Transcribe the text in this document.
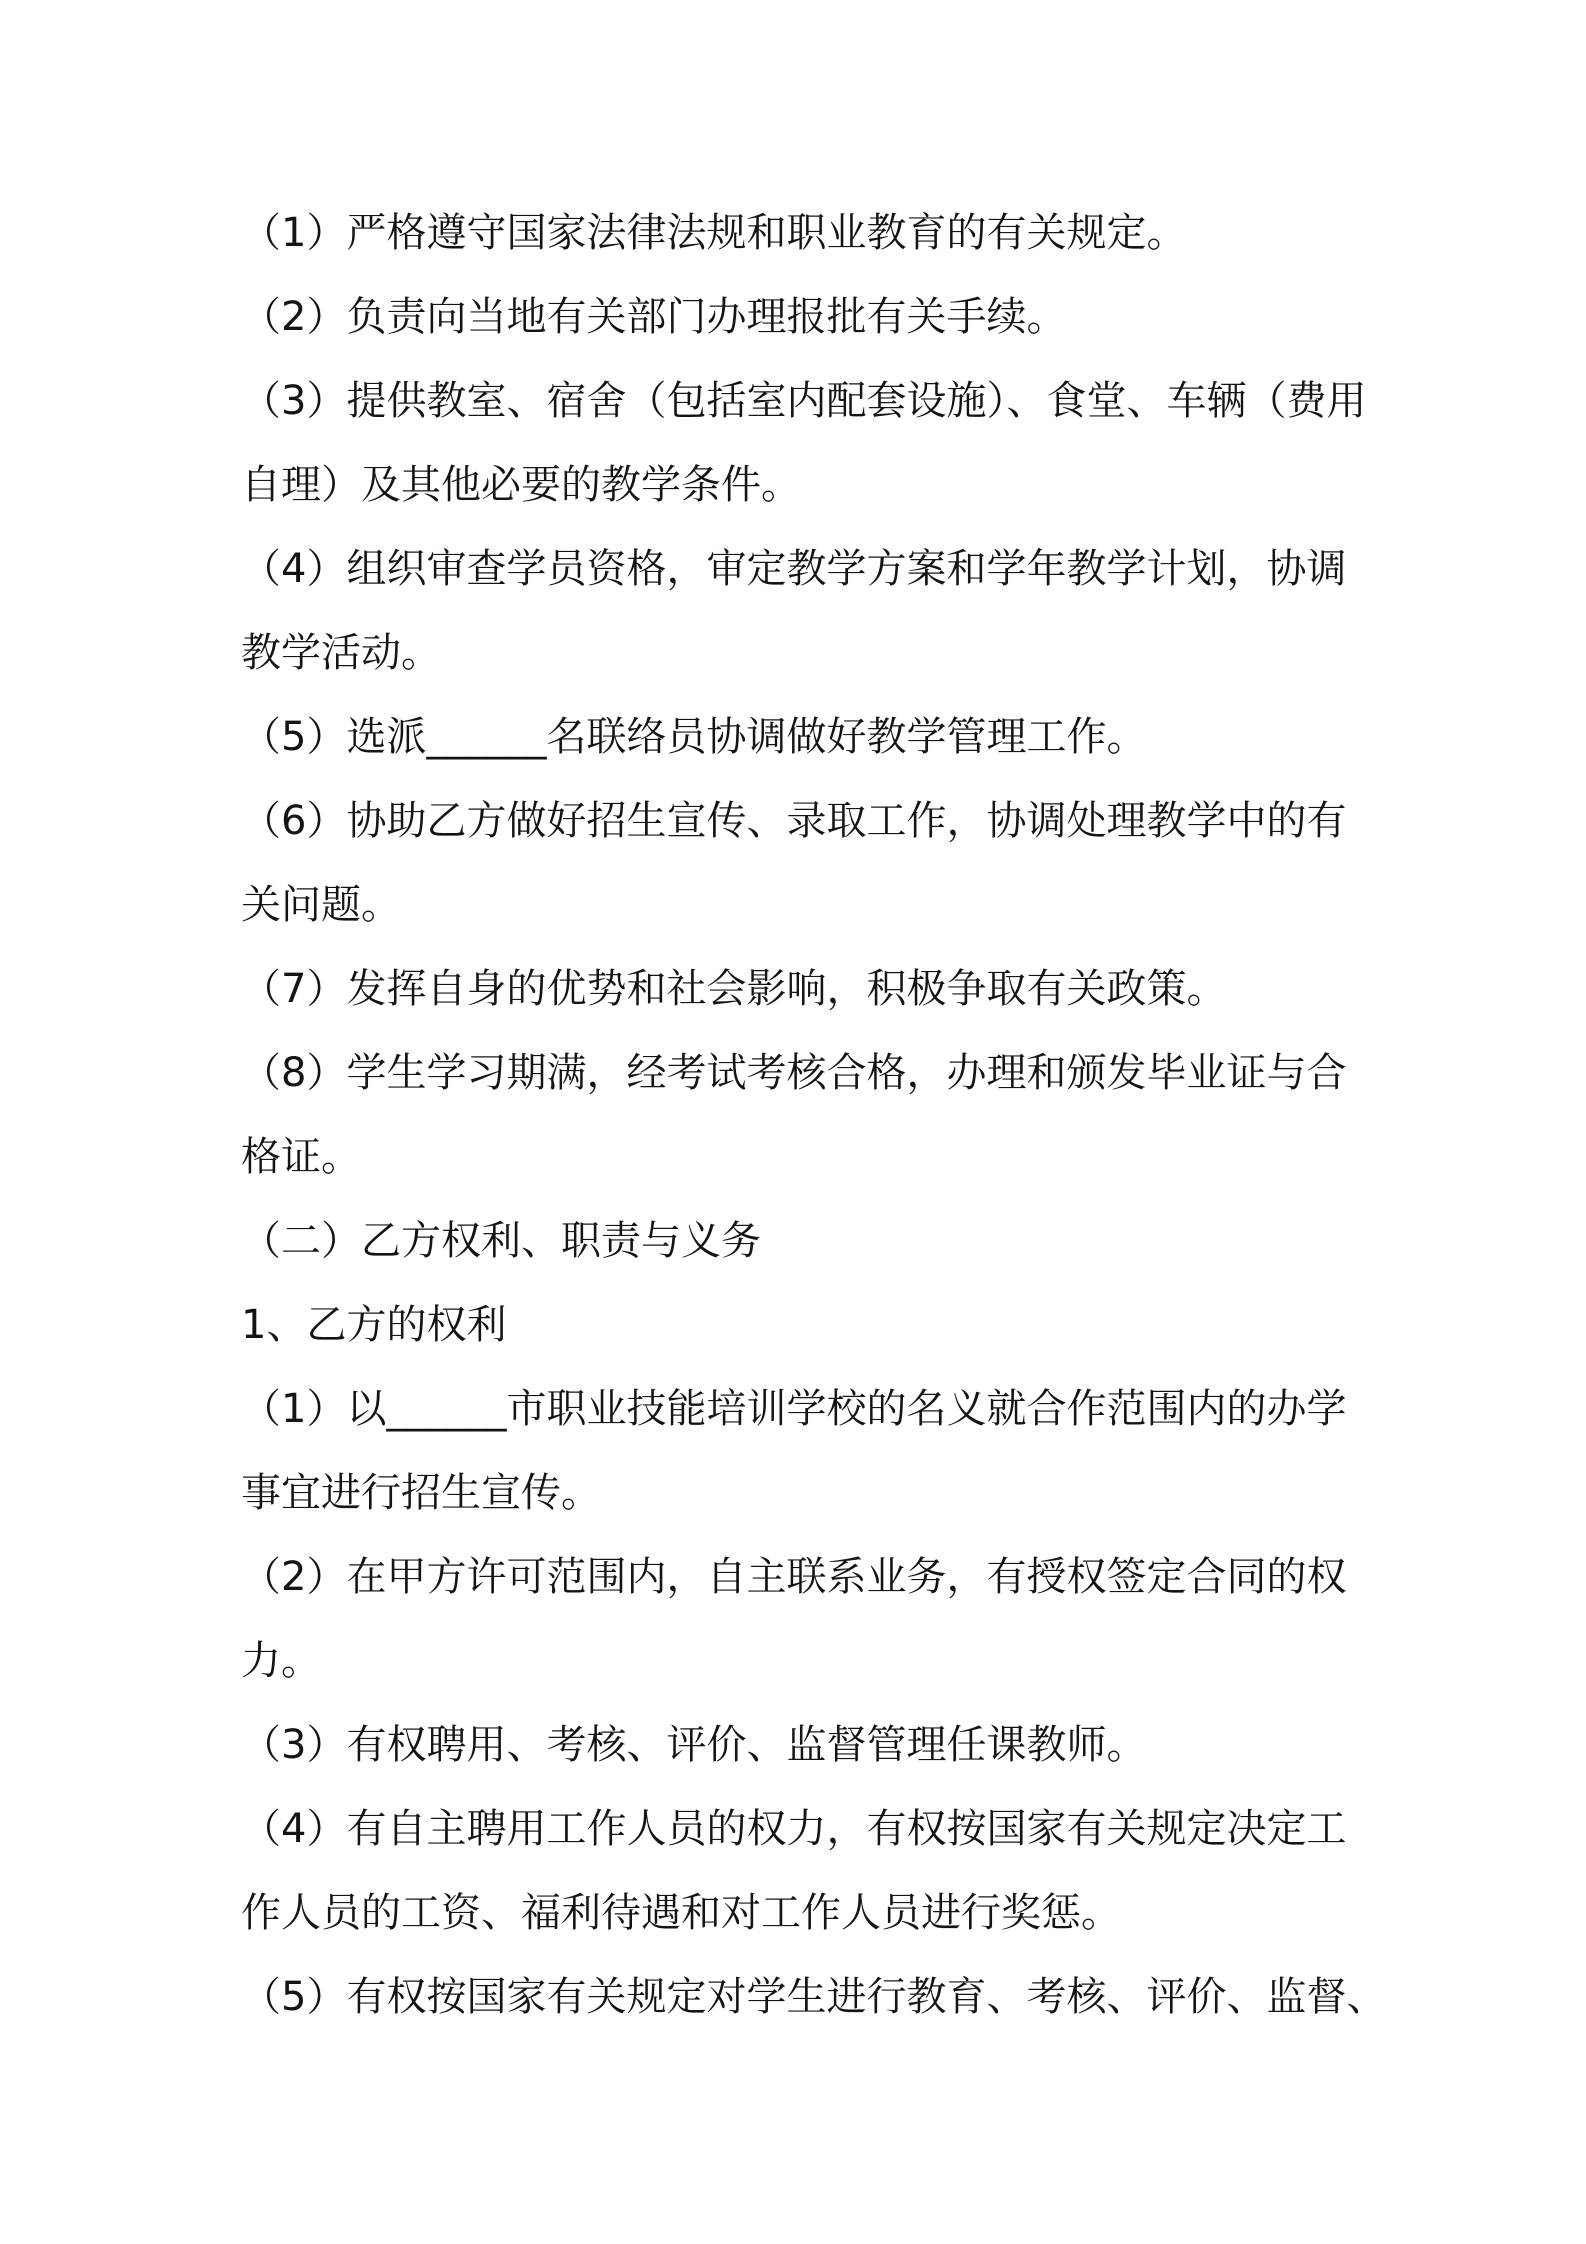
（1）严格遵守国家法律法规和职业教育的有关规定。
（2）负责向当地有关部门办理报批有关手续。
（3）提供教室、宿舍（包括室内配套设施）、食堂、车辆（费用
自理）及其他必要的教学条件。
（4）组织审查学员资格，审定教学方案和学年教学计划，协调
教学活动。
（5）选派______名联络员协调做好教学管理工作。
（6）协助乙方做好招生宣传、录取工作，协调处理教学中的有
关问题。
（7）发挥自身的优势和社会影响，积极争取有关政策。
（8）学生学习期满，经考试考核合格，办理和颁发毕业证与合
格证。
（二）乙方权利、职责与义务
1、乙方的权利
（1）以______市职业技能培训学校的名义就合作范围内的办学
事宜进行招生宣传。
（2）在甲方许可范围内，自主联系业务，有授权签定合同的权
力。
（3）有权聘用、考核、评价、监督管理任课教师。
（4）有自主聘用工作人员的权力，有权按国家有关规定决定工
作人员的工资、福利待遇和对工作人员进行奖惩。
（5）有权按国家有关规定对学生进行教育、考核、评价、监督、
